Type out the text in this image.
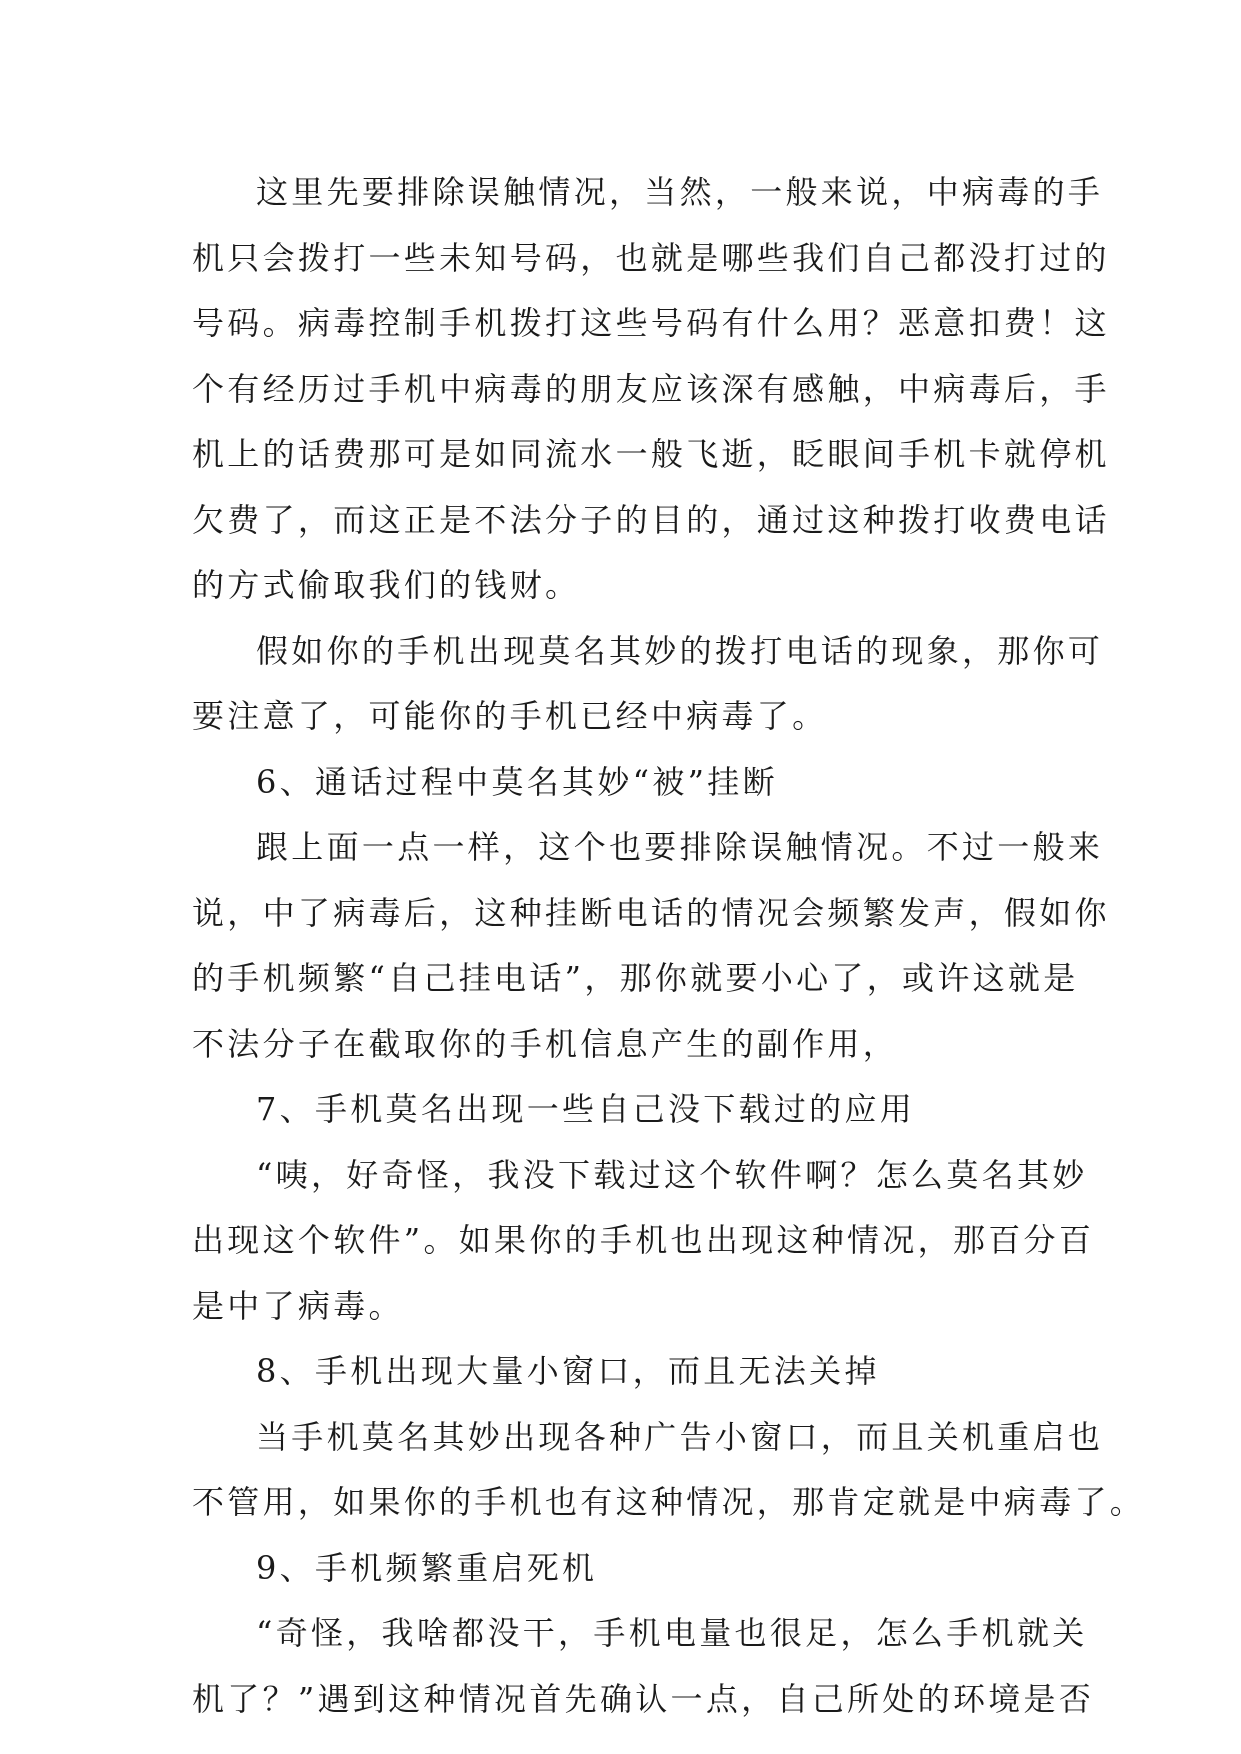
这里先要排除误触情况，当然，一般来说，中病毒的手
机只会拨打一些未知号码，也就是哪些我们自己都没打过的
号码。病毒控制手机拨打这些号码有什么用？恶意扣费！这
个有经历过手机中病毒的朋友应该深有感触，中病毒后，手
机上的话费那可是如同流水一般飞逝，眨眼间手机卡就停机
欠费了，而这正是不法分子的目的，通过这种拨打收费电话
的方式偷取我们的钱财。
假如你的手机出现莫名其妙的拨打电话的现象，那你可
要注意了，可能你的手机已经中病毒了。
6、通话过程中莫名其妙“被”挂断
跟上面一点一样，这个也要排除误触情况。不过一般来
说，中了病毒后，这种挂断电话的情况会频繁发声，假如你
的手机频繁“自己挂电话”，那你就要小心了，或许这就是
不法分子在截取你的手机信息产生的副作用，
7、手机莫名出现一些自己没下载过的应用
“咦，好奇怪，我没下载过这个软件啊？怎么莫名其妙
出现这个软件”。如果你的手机也出现这种情况，那百分百
是中了病毒。
8、手机出现大量小窗口，而且无法关掉
当手机莫名其妙出现各种广告小窗口，而且关机重启也
不管用，如果你的手机也有这种情况，那肯定就是中病毒了。
9、手机频繁重启死机
“奇怪，我啥都没干，手机电量也很足，怎么手机就关
机了？”遇到这种情况首先确认一点，自己所处的环境是否
